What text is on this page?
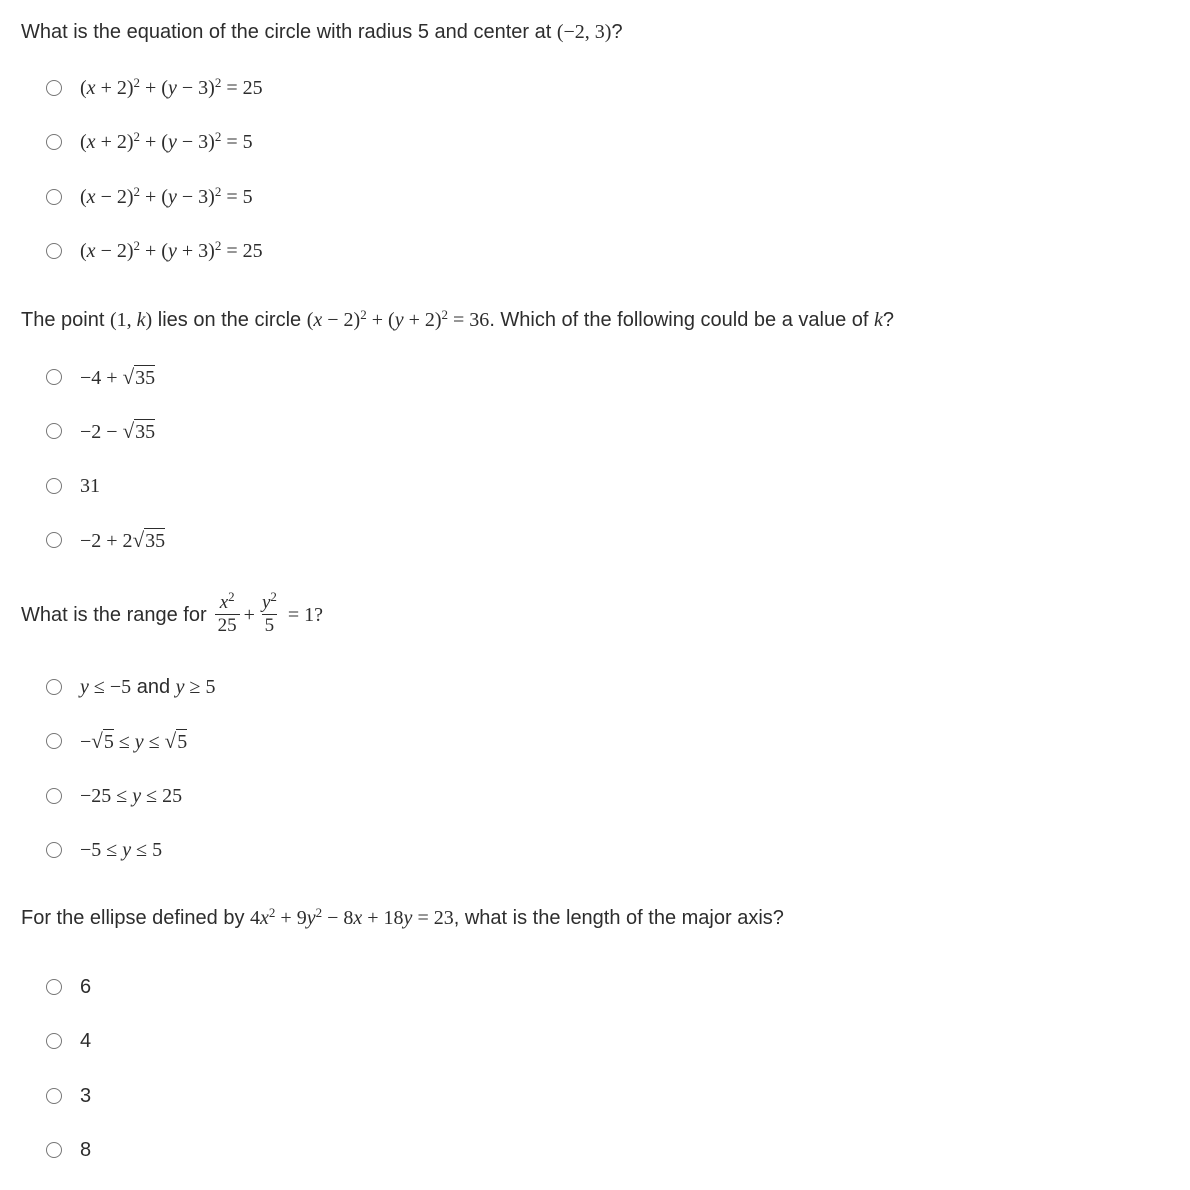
What is the equation of the circle with radius 5 and center at (−2, 3)?
$(x + 2)^2 + (y - 3)^2 = 25$
$(x + 2)^2 + (y - 3)^2 = 5$
$(x - 2)^2 + (y - 3)^2 = 5$
$(x - 2)^2 + (y + 3)^2 = 25$
The point (1, k) lies on the circle $(x - 2)^2 + (y + 2)^2 = 36$. Which of the following could be a value of k?
−4 + √35
−2 − √35
31
−2 + 2√35
What is the range for $\frac{x^2}{25} + \frac{y^2}{5} = 1$?
y ≤ −5 and y ≥ 5
−√5 ≤ y ≤ √5
−25 ≤ y ≤ 25
−5 ≤ y ≤ 5
For the ellipse defined by $4x^2 + 9y^2 - 8x + 18y = 23$, what is the length of the major axis?
6
4
3
8
